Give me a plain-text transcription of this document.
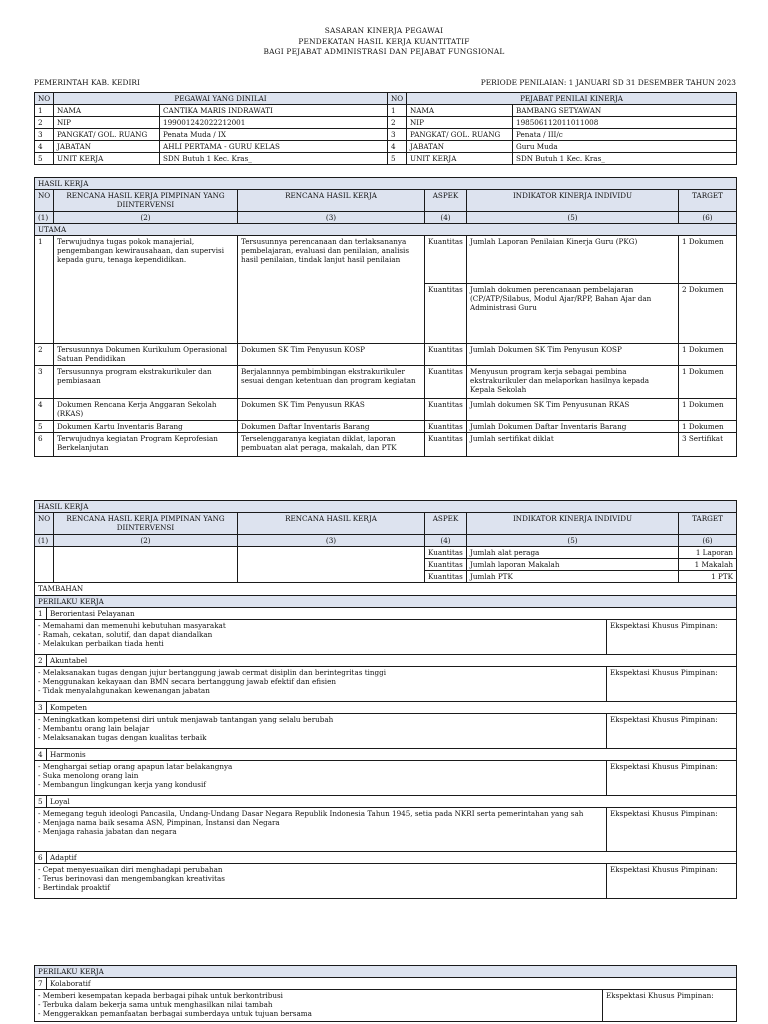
SASARAN KINERJA PEGAWAI
PENDEKATAN HASIL KERJA KUANTITATIF
BAGI PEJABAT ADMINISTRASI DAN PEJABAT FUNGSIONAL
PEMERINTAH KAB. KEDIRI	PERIODE PENILAIAN: 1 JANUARI SD 31 DESEMBER TAHUN 2023
NO	PEGAWAI YANG DINILAI		NO	PEJABAT PENILAI KINERJA	
1	NAMA	CANTIKA MARIS INDRAWATI	1	NAMA	BAMBANG SETYAWAN
2	NIP	199001242022212001	2	NIP	198506112011011008
3	PANGKAT/ GOL. RUANG	Penata Muda / IX	3	PANGKAT/ GOL. RUANG	Penata / III/c
4	JABATAN	AHLI PERTAMA - GURU KELAS	4	JABATAN	Guru Muda
5	UNIT KERJA	SDN Butuh 1 Kec. Kras_	5	UNIT KERJA	SDN Butuh 1 Kec. Kras_
HASIL KERJA					
NO	RENCANA HASIL KERJA PIMPINAN YANG DIINTERVENSI	RENCANA HASIL KERJA	ASPEK	INDIKATOR KINERJA INDIVIDU	TARGET
(1)	(2)	(3)	(4)	(5)	(6)
UTAMA					
1	Terwujudnya tugas pokok manajerial, pengembangan kewirausahaan, dan supervisi kepada guru, tenaga kependidikan.	Tersusunnya perencanaan dan terlaksananya pembelajaran, evaluasi dan penilaian, analisis hasil penilaian, tindak lanjut hasil penilaian	Kuantitas	Jumlah Laporan Penilaian Kinerja Guru (PKG)	1 Dokumen
			Kuantitas	Jumlah dokumen perencanaan pembelajaran (CP/ATP/Silabus, Modul Ajar/RPP, Bahan Ajar dan Administrasi Guru	2 Dokumen
2	Tersusunnya Dokumen Kurikulum Operasional Satuan Pendidikan	Dokumen SK Tim Penyusun KOSP	Kuantitas	Jumlah Dokumen SK Tim Penyusun KOSP	1 Dokumen
3	Tersusunnya program ekstrakurikuler dan pembiasaan	Berjalannnya pembimbingan ekstrakurikuler sesuai dengan ketentuan dan program kegiatan	Kuantitas	Menyusun program kerja sebagai pembina ekstrakurikuler dan melaporkan hasilnya kepada Kepala Sekolah	1 Dokumen
4	Dokumen Rencana Kerja Anggaran Sekolah (RKAS)	Dokumen SK Tim Penyusun RKAS	Kuantitas	Jumlah dokumen SK Tim Penyusunan RKAS	1 Dokumen
5	Dokumen Kartu Inventaris Barang	Dokumen Daftar Inventaris Barang	Kuantitas	Jumlah Dokumen Daftar Inventaris Barang	1 Dokumen
6	Terwujudnya kegiatan Program Keprofesian Berkelanjutan	Terselenggaranya kegiatan diklat, laporan pembuatan alat peraga, makalah, dan PTK	Kuantitas	Jumlah sertifikat diklat	3 Sertifikat
HASIL KERJA							
NO		RENCANA HASIL KERJA PIMPINAN YANG DIINTERVENSI	RENCANA HASIL KERJA	ASPEK	INDIKATOR KINERJA INDIVIDU		TARGET
(1)		(2)	(3)	(4)	(5)		(6)
				Kuantitas	Jumlah alat peraga		1 Laporan
				Kuantitas	Jumlah laporan Makalah		1 Makalah
				Kuantitas	Jumlah PTK		1 PTK
TAMBAHAN							
PERILAKU KERJA							
1	Berorientasi Pelayanan						

- Memahami dan memenuhi kebutuhan masyarakat
- Ramah, cekatan, solutif, dan dapat diandalkan
- Melakukan perbaikan tiada henti						Ekspektasi Khusus Pimpinan:	
2	Akuntabel						

- Melaksanakan tugas dengan jujur bertanggung jawab cermat disiplin dan berintegritas tinggi
- Menggunakan kekayaan dan BMN secara bertanggung jawab efektif dan efisien
- Tidak menyalahgunakan kewenangan jabatan						Ekspektasi Khusus Pimpinan:	
3	Kompeten						

- Meningkatkan kompetensi diri untuk menjawab tantangan yang selalu berubah
- Membantu orang lain belajar
- Melaksanakan tugas dengan kualitas terbaik						Ekspektasi Khusus Pimpinan:	
4	Harmonis						

- Menghargai setiap orang apapun latar belakangnya
- Suka menolong orang lain
- Membangun lingkungan kerja yang kondusif						Ekspektasi Khusus Pimpinan:	
5	Loyal						

- Memegang teguh ideologi Pancasila, Undang-Undang Dasar Negara Republik Indonesia Tahun 1945, setia pada NKRI serta pemerintahan yang sah
- Menjaga nama baik sesama ASN, Pimpinan, Instansi dan Negara
- Menjaga rahasia jabatan dan negara						Ekspektasi Khusus Pimpinan:	
6	Adaptif						

- Cepat menyesuaikan diri menghadapi perubahan
- Terus berinovasi dan mengembangkan kreativitas
- Bertindak proaktif						Ekspektasi Khusus Pimpinan:	
PERILAKU KERJA		
7	Kolaboratif	

- Memberi kesempatan kepada berbagai pihak untuk berkontribusi
- Terbuka dalam bekerja sama untuk menghasilkan nilai tambah
- Menggerakkan pemanfaatan berbagai sumberdaya untuk tujuan bersama		Ekspektasi Khusus Pimpinan:
